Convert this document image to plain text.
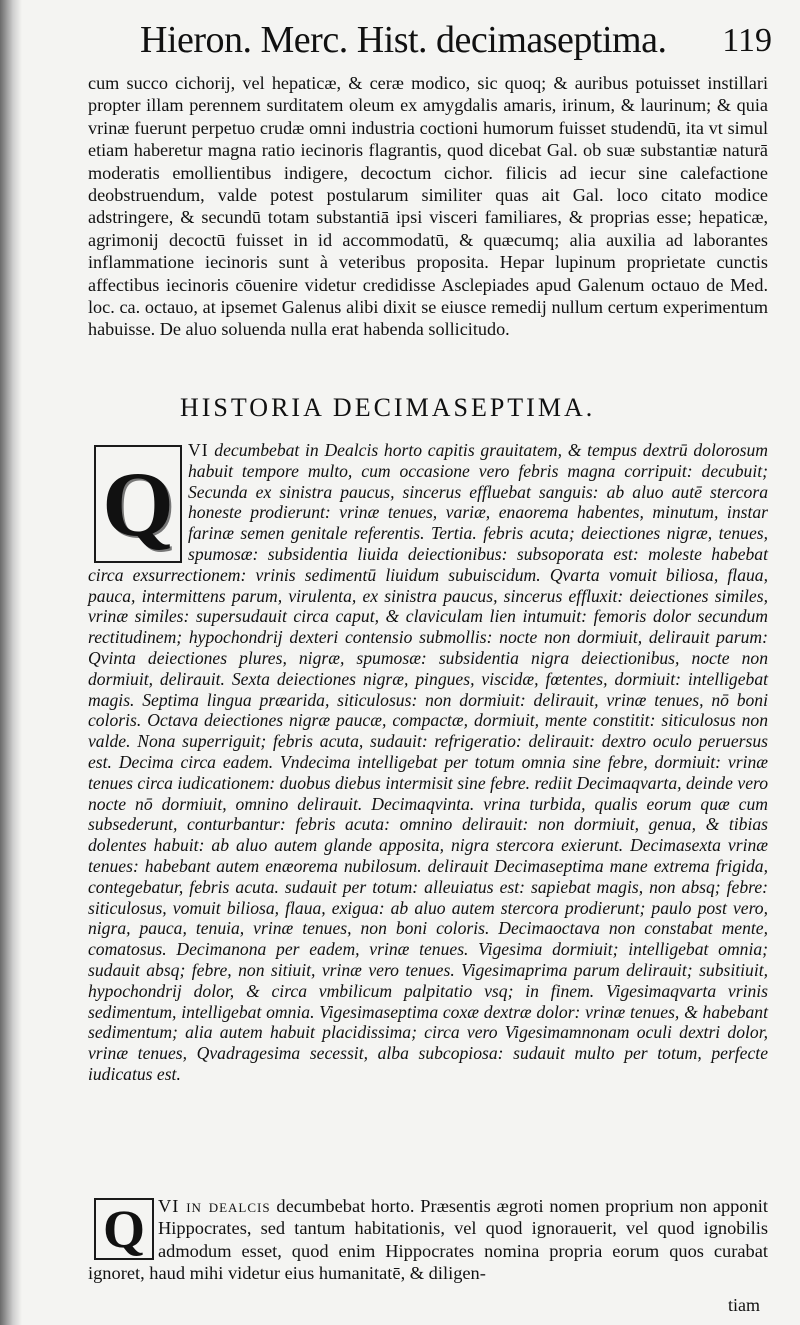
Hieron. Merc. Hist. decimaseptima. 119

cum succo cichorij, vel hepaticæ, & ceræ modico, sic quoq; & auribus potuisset instillari propter illam perennem surditatem oleum ex amygdalis amaris, irinum, & laurinum; & quia vrinæ fuerunt perpetuo crudæ omni industria coctioni humorum fuisset studendū, ita vt simul etiam haberetur magna ratio iecinoris flagrantis, quod dicebat Gal. ob suæ substantiæ naturā moderatis emollientibus indigere, decoctum cichor. filicis ad iecur sine calefactione deobstruendum, valde potest postularum similiter quas ait Gal. loco citato modice adstringere, & secundū totam substantiā ipsi visceri familiares, & proprias esse; hepaticæ, agrimonij decoctū fuisset in id accommodatū, & quæcumq; alia auxilia ad laborantes inflammatione iecinoris sunt à veteribus proposita. Hepar lupinum proprietate cunctis affectibus iecinoris cōuenire videtur credidisse Asclepiades apud Galenum octauo de Med. loc. ca. octauo, at ipsemet Galenus alibi dixit se eiusce remedij nullum certum experimentum habuisse. De aluo soluenda nulla erat habenda sollicitudo.

HISTORIA DECIMASEPTIMA.
VI decumbebat in Dealcis horto capitis grauitatem, & tempus dextrū dolorosum habuit tempore multo, cum occasione vero febris magna corripuit: decubuit; Secunda ex sinistra paucus, sincerus effluebat sanguis: ab aluo autē stercora honeste prodierunt: vrinæ tenues, variæ, enaorema habentes, minutum, instar farinæ semen genitale referentis. Tertia. febris acuta; deiectiones nigræ, tenues, spumosæ: subsidentia liuida deiectionibus: subsoporata est: moleste habebat circa exsurrectionem: vrinis sedimentū liuidum subuiscidum. Qvarta vomuit biliosa, flaua, pauca, intermittens parum, virulenta, ex sinistra paucus, sincerus effluxit: deiectiones similes, vrinæ similes: supersudauit circa caput, & claviculam lien intumuit: femoris dolor secundum rectitudinem; hypochondrij dexteri contensio submollis: nocte non dormiuit, delirauit parum: Qvinta deiectiones plures, nigræ, spumosæ: subsidentia nigra deiectionibus, nocte non dormiuit, delirauit. Sexta deiectiones nigræ, pingues, viscidæ, fœtentes, dormiuit: intelligebat magis. Septima lingua præarida, siticulosus: non dormiuit: delirauit, vrinæ tenues, nō boni coloris. Octava deiectiones nigræ paucæ, compactæ, dormiuit, mente constitit: siticulosus non valde. Nona superriguit; febris acuta, sudauit: refrigeratio: delirauit: dextro oculo peruersus est. Decima circa eadem. Vndecima intelligebat per totum omnia sine febre, dormiuit: vrinæ tenues circa iudicationem: duobus diebus intermisit sine febre. rediit Decimaqvarta, deinde vero nocte nō dormiuit, omnino delirauit. Decimaqvinta. vrina turbida, qualis eorum quæ cum subsederunt, conturbantur: febris acuta: omnino delirauit: non dormiuit, genua, & tibias dolentes habuit: ab aluo autem glande apposita, nigra stercora exierunt. Decimasexta vrinæ tenues: habebant autem enæorema nubilosum. delirauit Decimaseptima mane extrema frigida, contegebatur, febris acuta. sudauit per totum: alleuiatus est: sapiebat magis, non absq; febre: siticulosus, vomuit biliosa, flaua, exigua: ab aluo autem stercora prodierunt; paulo post vero, nigra, pauca, tenuia, vrinæ tenues, non boni coloris. Decimaoctava non constabat mente, comatosus. Decimanona per eadem, vrinæ tenues. Vigesima dormiuit; intelligebat omnia; sudauit absq; febre, non sitiuit, vrinæ vero tenues. Vigesimaprima parum delirauit; subsitiuit, hypochondrij dolor, & circa vmbilicum palpitatio vsq; in finem. Vigesimaqvarta vrinis sedimentum, intelligebat omnia. Vigesimaseptima coxæ dextræ dolor: vrinæ tenues, & habebant sedimentum; alia autem habuit placidissima; circa vero Vigesimamnonam oculi dextri dolor, vrinæ tenues, Qvadragesima secessit, alba subcopiosa: sudauit multo per totum, perfecte iudicatus est.
Q
VI in dealcis decumbebat horto. Præsentis ægroti nomen proprium non apponit Hippocrates, sed tantum habitationis, vel quod ignorauerit, vel quod ignobilis admodum esset, quod enim Hippocrates nomina propria eorum quos curabat ignoret, haud mihi videtur eius humanitatē, & diligen-
Q
tiam
